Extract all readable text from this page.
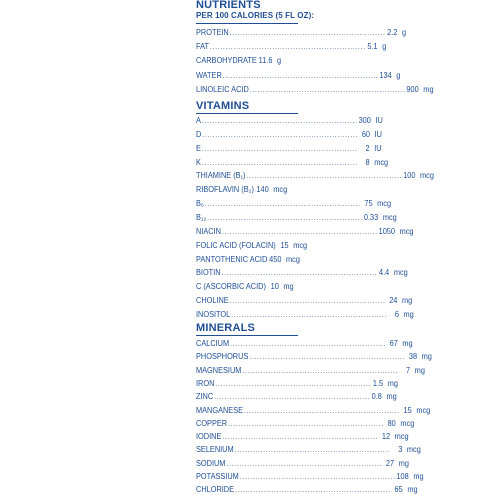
NUTRIENTS
PER 100 CALORIES (5 FL OZ):
PROTEIN ............................................................ 2.2 g
FAT ............................................................ 5.1 g
CARBOHYDRATE 11.6 g
WATER ............................................................ 134 g
LINOLEIC ACID ............................................................ 900 mg
VITAMINS
A ............................................................ 300 IU
D ............................................................ 60 IU
E ............................................................ 2 IU
K ............................................................ 8 mcg
THIAMINE (B₁) ............................................................ 100 mcg
RIBOFLAVIN (B₂) 140 mcg
B₆ ............................................................ 75 mcg
B₁₂ ............................................................ 0.33 mcg
NIACIN ............................................................ 1050 mcg
FOLIC ACID (FOLACIN) 15 mcg
PANTOTHENIC ACID 450 mcg
BIOTIN ............................................................ 4.4 mcg
C (ASCORBIC ACID) 10 mg
CHOLINE ............................................................ 24 mg
INOSITOL ............................................................ 6 mg
MINERALS
CALCIUM ............................................................ 67 mg
PHOSPHORUS ............................................................ 38 mg
MAGNESIUM ............................................................ 7 mg
IRON ............................................................ 1.5 mg
ZINC ............................................................ 0.8 mg
MANGANESE ............................................................ 15 mcg
COPPER ............................................................ 80 mcg
IODINE ............................................................ 12 mcg
SELENIUM ............................................................ 3 mcg
SODIUM ............................................................ 27 mg
POTASSIUM ............................................................ 108 mg
CHLORIDE ............................................................ 65 mg
